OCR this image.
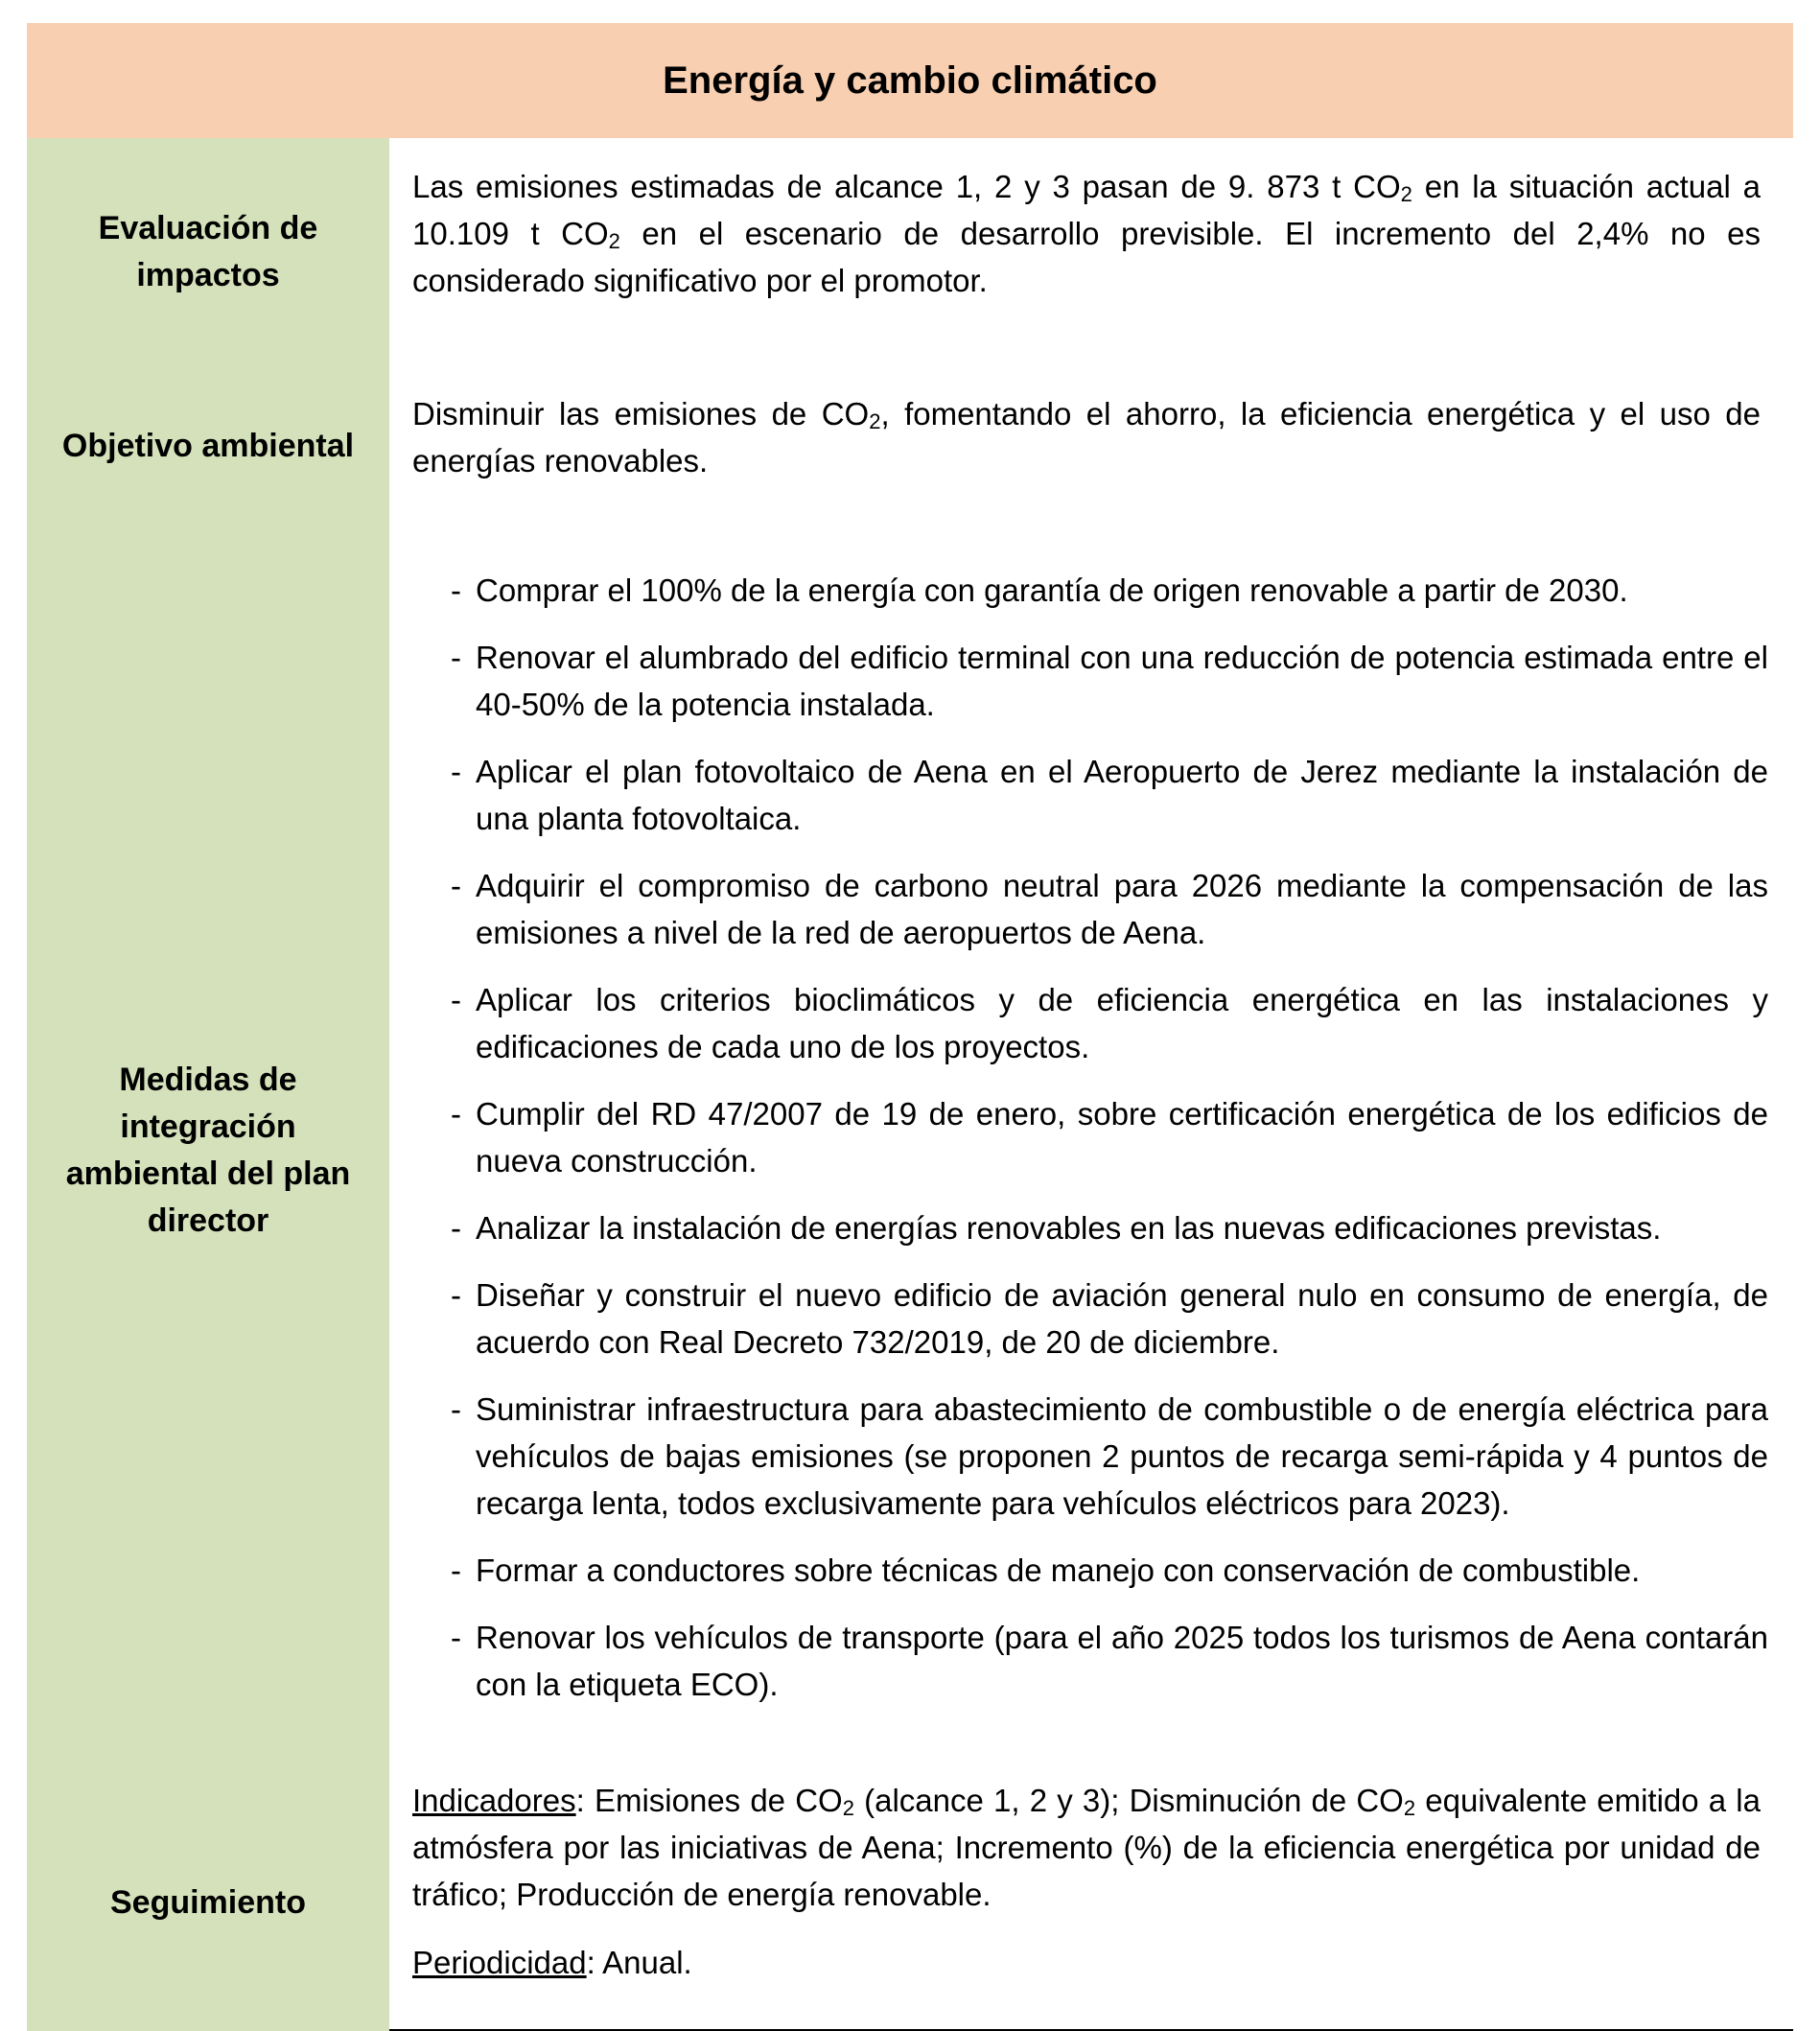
Energía y cambio climático
Evaluación de impactos

Las emisiones estimadas de alcance 1, 2 y 3 pasan de 9. 873 t $CO_2$ en la situación actual a 10.109 t $CO_2$ en el escenario de desarrollo previsible. El incremento del 2,4% no es considerado significativo por el promotor.

Objetivo ambiental

Disminuir las emisiones de $CO_2$, fomentando el ahorro, la eficiencia energética y el uso de energías renovables.

Medidas de integración ambiental del plan director
- Comprar el 100% de la energía con garantía de origen renovable a partir de 2030.
- Renovar el alumbrado del edificio terminal con una reducción de potencia estimada entre el 40-50% de la potencia instalada.
- Aplicar el plan fotovoltaico de Aena en el Aeropuerto de Jerez mediante la instalación de una planta fotovoltaica.
- Adquirir el compromiso de carbono neutral para 2026 mediante la compensación de las emisiones a nivel de la red de aeropuertos de Aena.
- Aplicar los criterios bioclimáticos y de eficiencia energética en las instalaciones y edificaciones de cada uno de los proyectos.
- Cumplir del RD 47/2007 de 19 de enero, sobre certificación energética de los edificios de nueva construcción.
- Analizar la instalación de energías renovables en las nuevas edificaciones previstas.
- Diseñar y construir el nuevo edificio de aviación general nulo en consumo de energía, de acuerdo con Real Decreto 732/2019, de 20 de diciembre.
- Suministrar infraestructura para abastecimiento de combustible o de energía eléctrica para vehículos de bajas emisiones (se proponen 2 puntos de recarga semi-rápida y 4 puntos de recarga lenta, todos exclusivamente para vehículos eléctricos para 2023).
- Formar a conductores sobre técnicas de manejo con conservación de combustible.
- Renovar los vehículos de transporte (para el año 2025 todos los turismos de Aena contarán con la etiqueta ECO).
Seguimiento

Indicadores: Emisiones de $CO_2$ (alcance 1, 2 y 3); Disminución de $CO_2$ equivalente emitido a la atmósfera por las iniciativas de Aena; Incremento (%) de la eficiencia energética por unidad de tráfico; Producción de energía renovable.

Periodicidad: Anual.
